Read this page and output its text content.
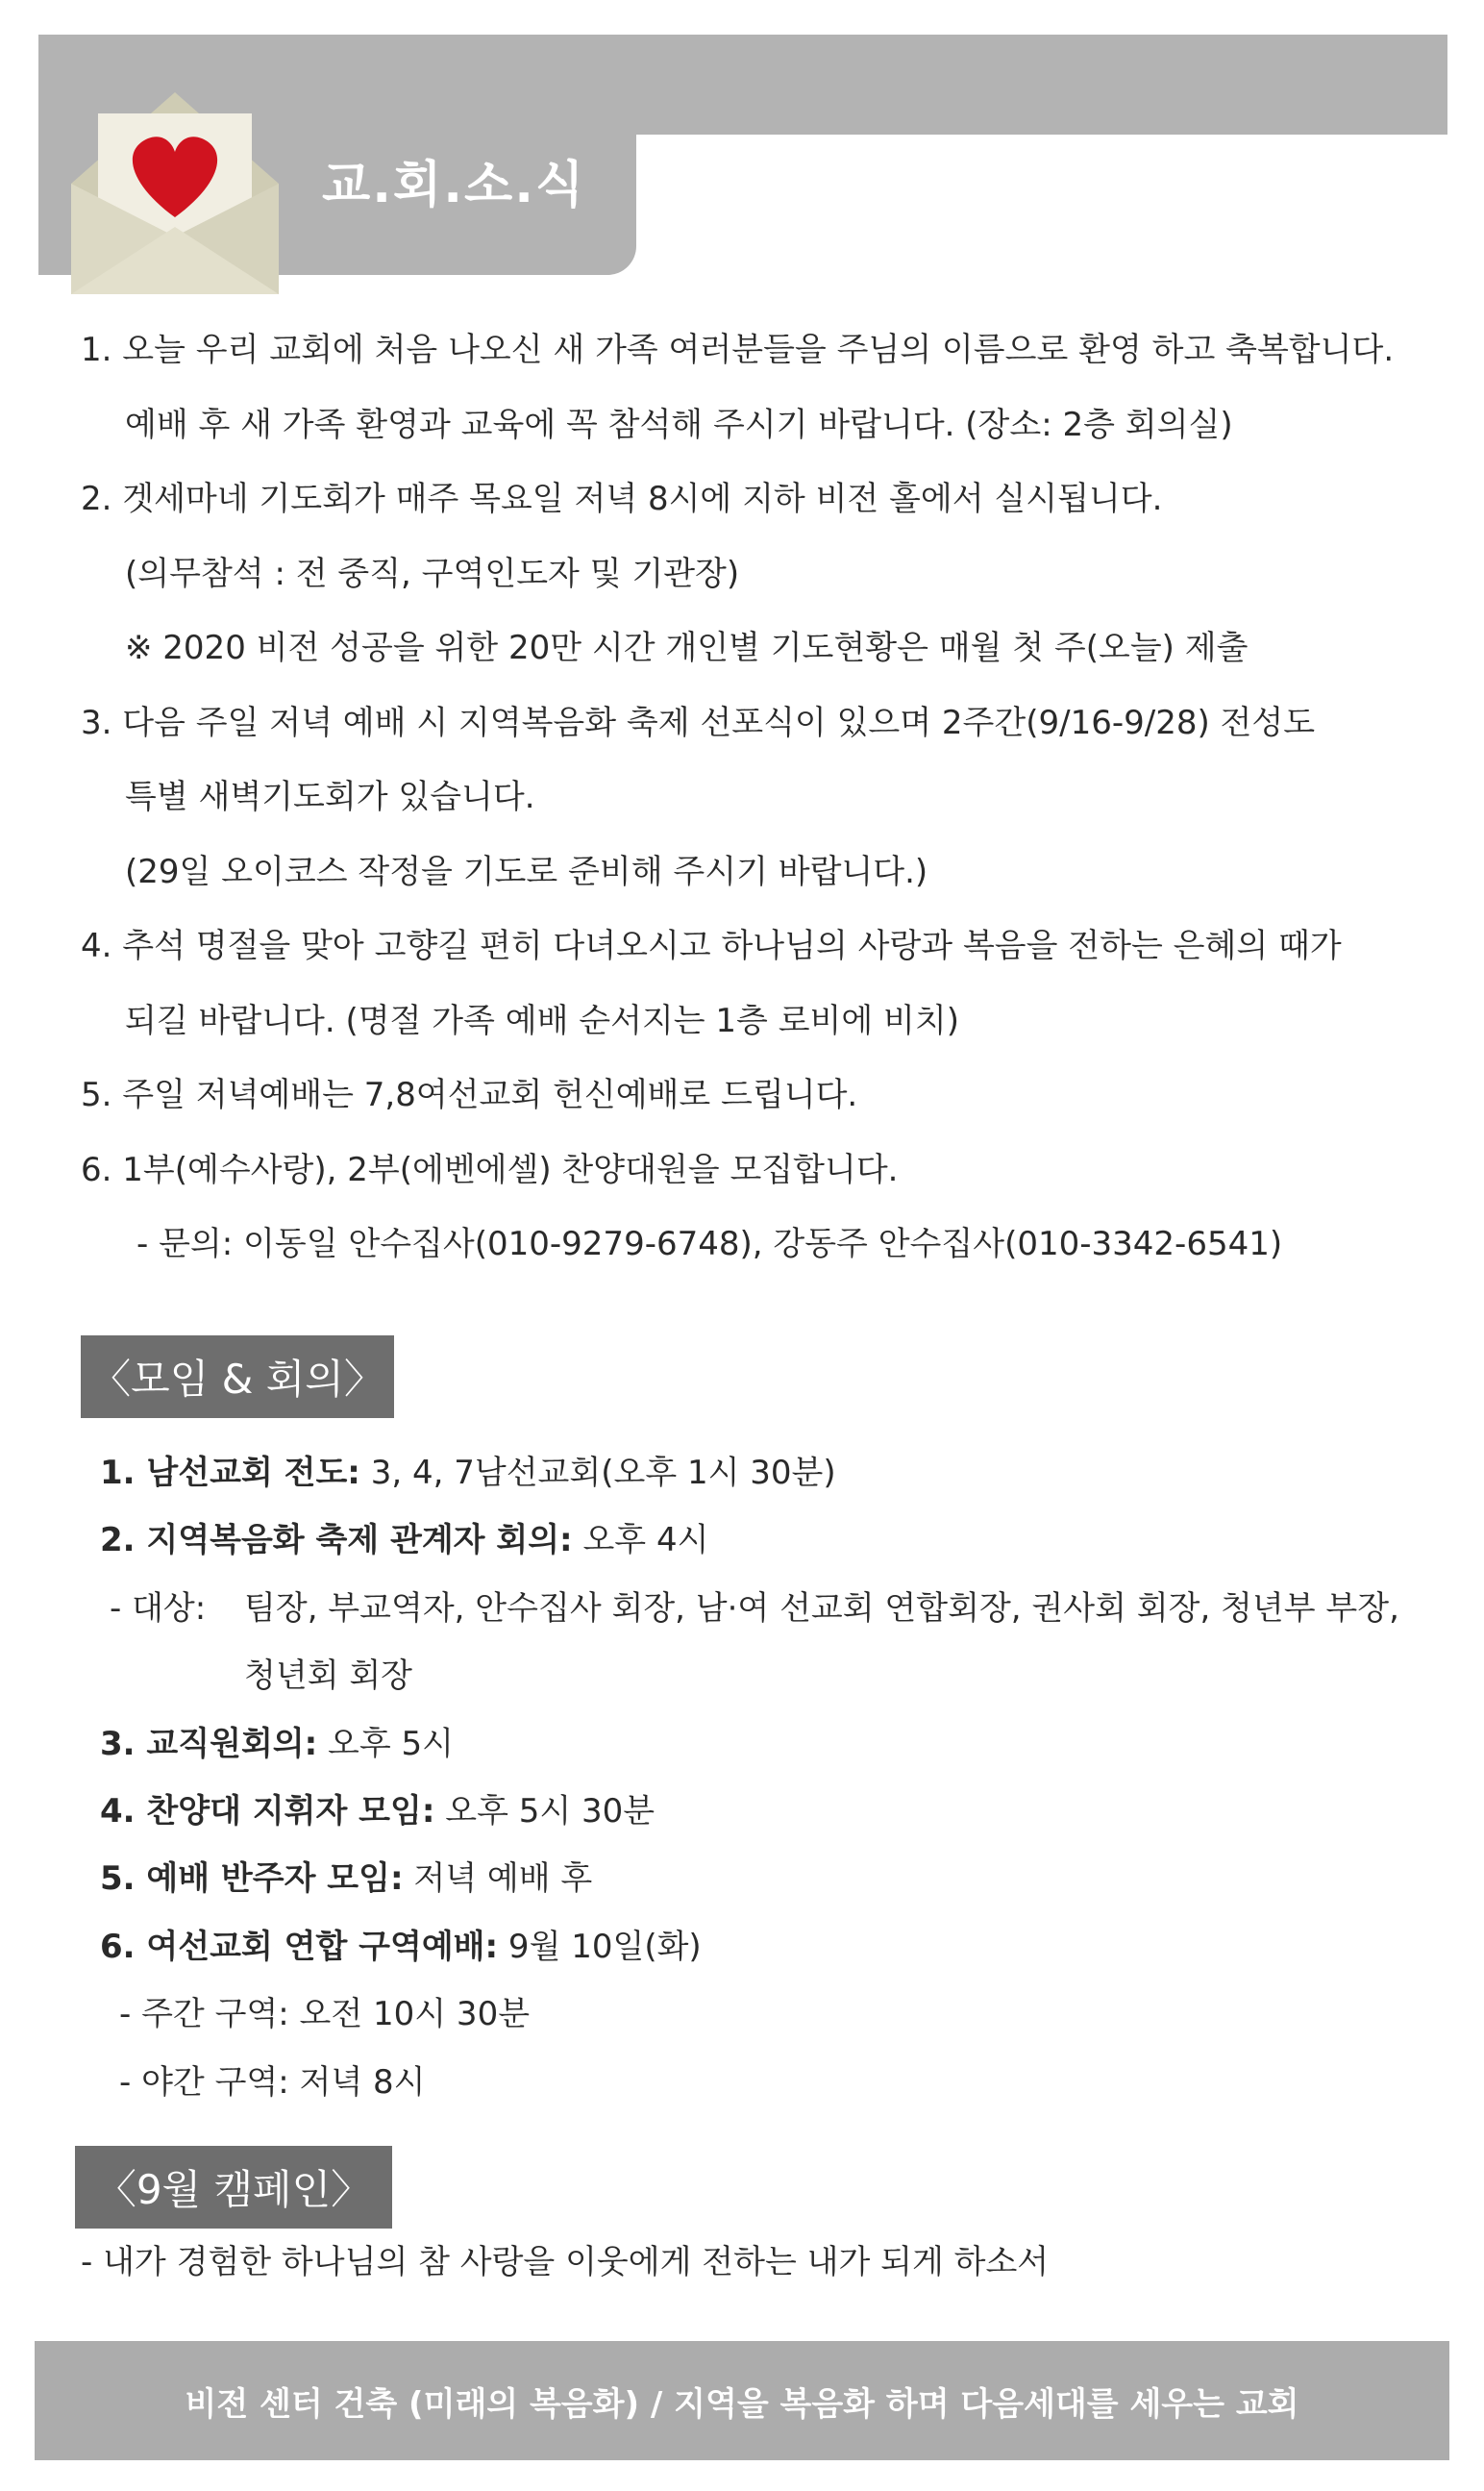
교.회.소.식
1. 오늘 우리 교회에 처음 나오신 새 가족 여러분들을 주님의 이름으로 환영 하고 축복합니다.
예배 후 새 가족 환영과 교육에 꼭 참석해 주시기 바랍니다. (장소: 2층 회의실)
2. 겟세마네 기도회가 매주 목요일 저녁 8시에 지하 비전 홀에서 실시됩니다.
(의무참석 : 전 중직, 구역인도자 및 기관장)
※ 2020 비전 성공을 위한 20만 시간 개인별 기도현황은 매월 첫 주(오늘) 제출
3. 다음 주일 저녁 예배 시 지역복음화 축제 선포식이 있으며 2주간(9/16-9/28) 전성도
특별 새벽기도회가 있습니다.
(29일 오이코스 작정을 기도로 준비해 주시기 바랍니다.)
4. 추석 명절을 맞아 고향길 편히 다녀오시고 하나님의 사랑과 복음을 전하는 은혜의 때가
되길 바랍니다. (명절 가족 예배 순서지는 1층 로비에 비치)
5. 주일 저녁예배는 7,8여선교회 헌신예배로 드립니다.
6. 1부(예수사랑), 2부(에벤에셀) 찬양대원을 모집합니다.
- 문의: 이동일 안수집사(010-9279-6748), 강동주 안수집사(010-3342-6541)
〈모임 & 회의〉
1. 남선교회 전도: 3, 4, 7남선교회(오후 1시 30분)
2. 지역복음화 축제 관계자 회의: 오후 4시
- 대상:	팀장, 부교역자, 안수집사 회장, 남·여 선교회 연합회장, 권사회 회장, 청년부 부장, 청년회 회장
3. 교직원회의: 오후 5시
4. 찬양대 지휘자 모임: 오후 5시 30분
5. 예배 반주자 모임: 저녁 예배 후
6. 여선교회 연합 구역예배: 9월 10일(화)
- 주간 구역: 오전 10시 30분
- 야간 구역: 저녁 8시
〈9월 캠페인〉
- 내가 경험한 하나님의 참 사랑을 이웃에게 전하는 내가 되게 하소서
비전 센터 건축 (미래의 복음화) / 지역을 복음화 하며 다음세대를 세우는 교회
